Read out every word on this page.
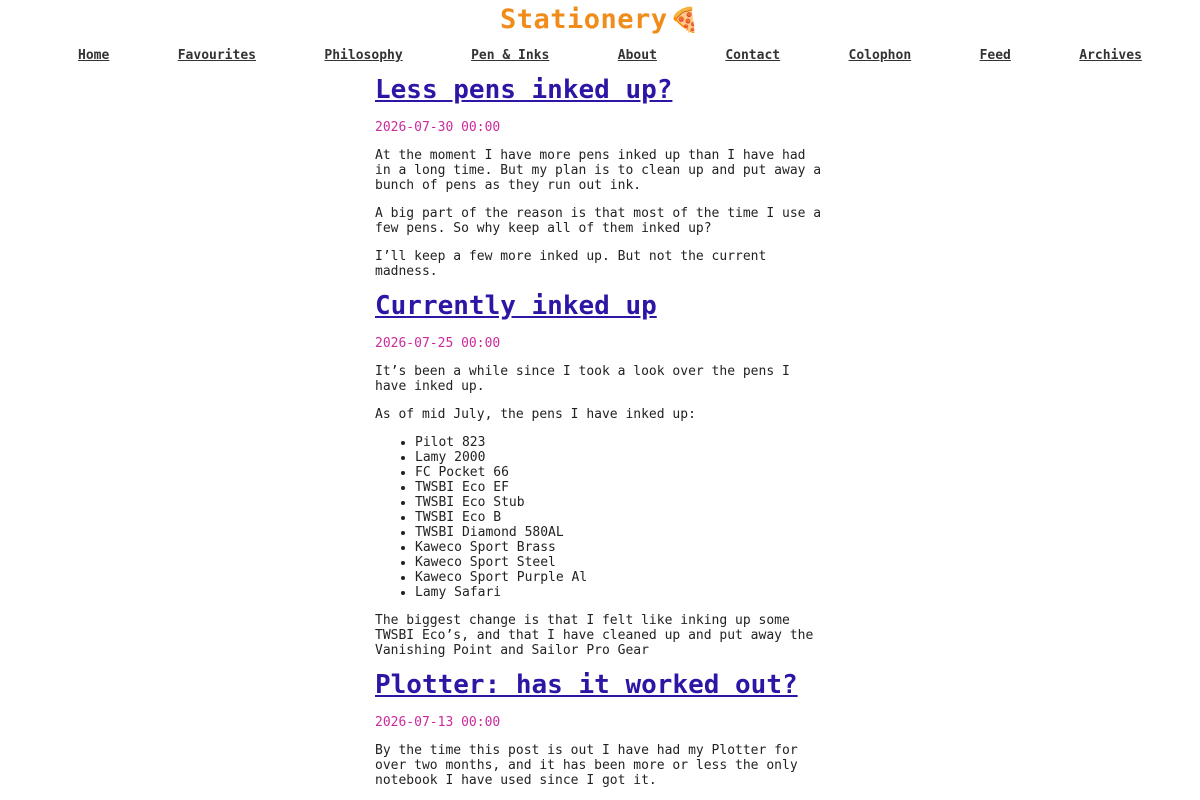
Stationery🍕
Home	Favourites	Philosophy	Pen & Inks	About	Contact	Colophon	Feed	Archives
Less pens inked up?
2026-07-30 00:00

At the moment I have more pens inked up than I have had in a long time. But my plan is to clean up and put away a bunch of pens as they run out ink.

A big part of the reason is that most of the time I use a few pens. So why keep all of them inked up?

I’ll keep a few more inked up. But not the current madness.

Currently inked up
2026-07-25 00:00

It’s been a while since I took a look over the pens I have inked up.

As of mid July, the pens I have inked up:

• Pilot 823
• Lamy 2000
• FC Pocket 66
• TWSBI Eco EF
• TWSBI Eco Stub
• TWSBI Eco B
• TWSBI Diamond 580AL
• Kaweco Sport Brass
• Kaweco Sport Steel
• Kaweco Sport Purple Al
• Lamy Safari

The biggest change is that I felt like inking up some TWSBI Eco’s, and that I have cleaned up and put away the Vanishing Point and Sailor Pro Gear

Plotter: has it worked out?
2026-07-13 00:00

By the time this post is out I have had my Plotter for over two months, and it has been more or less the only notebook I have used since I got it.
